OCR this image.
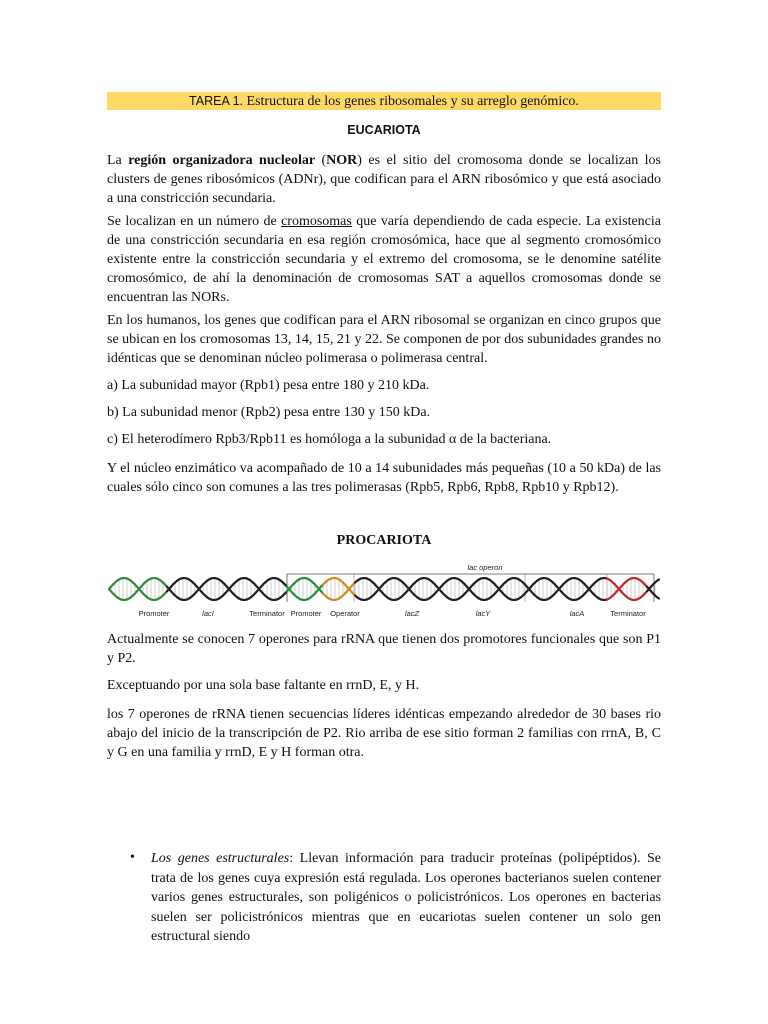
TAREA 1. Estructura de los genes ribosomales y su arreglo genómico.
EUCARIOTA
La región organizadora nucleolar (NOR) es el sitio del cromosoma donde se localizan los clusters de genes ribosómicos (ADNr), que codifican para el ARN ribosómico y que está asociado a una constricción secundaria.
Se localizan en un número de cromosomas que varía dependiendo de cada especie. La existencia de una constricción secundaria en esa región cromosómica, hace que al segmento cromosómico existente entre la constricción secundaria y el extremo del cromosoma, se le denomine satélite cromosómico, de ahí la denominación de cromosomas SAT a aquellos cromosomas donde se encuentran las NORs.
En los humanos, los genes que codifican para el ARN ribosomal se organizan en cinco grupos que se ubican en los cromosomas 13, 14, 15, 21 y 22. Se componen de por dos subunidades grandes no idénticas que se denominan núcleo polimerasa o polimerasa central.
a) La subunidad mayor (Rpb1) pesa entre 180 y 210 kDa.
b) La subunidad menor (Rpb2) pesa entre 130 y 150 kDa.
c) El heterodímero Rpb3/Rpb11 es homóloga a la subunidad α de la bacteriana.
Y el núcleo enzimático va acompañado de 10 a 14 subunidades más pequeñas (10 a 50 kDa) de las cuales sólo cinco son comunes a las tres polimerasas (Rpb5, Rpb6, Rpb8, Rpb10 y Rpb12).
PROCARIOTA
lac operon
Promoter	lacI	Terminator Promoter Operator	lacZ	lacY	lacA	Terminator
Actualmente se conocen 7 operones para rRNA que tienen dos promotores funcionales que son P1 y P2.
Exceptuando por una sola base faltante en rrnD, E, y H.
los 7 operones de rRNA tienen secuencias líderes idénticas empezando alrededor de 30 bases rio abajo del inicio de la transcripción de P2. Rio arriba de ese sitio forman 2 familias con rrnA, B, C y G en una familia y rrnD, E y H forman otra.
• Los genes estructurales: Llevan información para traducir proteínas (polipéptidos). Se trata de los genes cuya expresión está regulada. Los operones bacterianos suelen contener varios genes estructurales, son poligénicos o policistrónicos. Los operones en bacterias suelen ser policistrónicos mientras que en eucariotas suelen contener un solo gen estructural siendo
